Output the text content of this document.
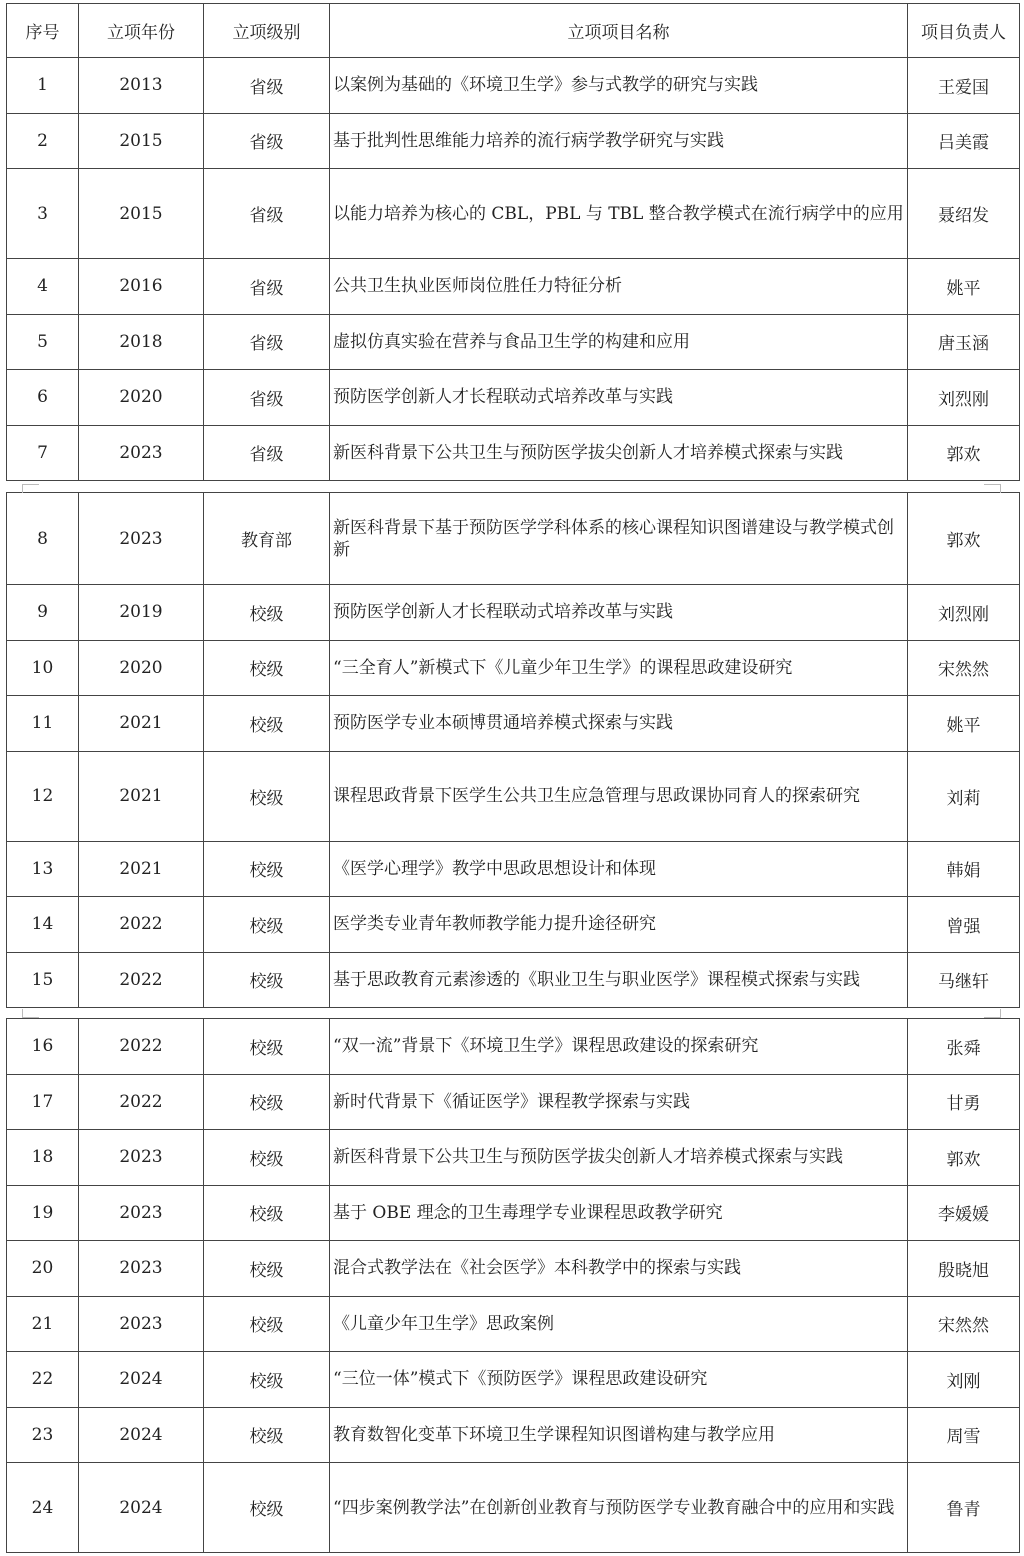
序号	立项年份	立项级别	立项项目名称	项目负责人
1	2013	省级	以案例为基础的《环境卫生学》参与式教学的研究与实践	王爱国
2	2015	省级	基于批判性思维能力培养的流行病学教学研究与实践	吕美霞
3	2015	省级	以能力培养为核心的 CBL，PBL 与 TBL 整合教学模式在流行病学中的应用	聂绍发
4	2016	省级	公共卫生执业医师岗位胜任力特征分析	姚平
5	2018	省级	虚拟仿真实验在营养与食品卫生学的构建和应用	唐玉涵
6	2020	省级	预防医学创新人才长程联动式培养改革与实践	刘烈刚
7	2023	省级	新医科背景下公共卫生与预防医学拔尖创新人才培养模式探索与实践	郭欢
8	2023	教育部	新医科背景下基于预防医学学科体系的核心课程知识图谱建设与教学模式创新	郭欢
9	2019	校级	预防医学创新人才长程联动式培养改革与实践	刘烈刚
10	2020	校级	“三全育人”新模式下《儿童少年卫生学》的课程思政建设研究	宋然然
11	2021	校级	预防医学专业本硕博贯通培养模式探索与实践	姚平
12	2021	校级	课程思政背景下医学生公共卫生应急管理与思政课协同育人的探索研究	刘莉
13	2021	校级	《医学心理学》教学中思政思想设计和体现	韩娟
14	2022	校级	医学类专业青年教师教学能力提升途径研究	曾强
15	2022	校级	基于思政教育元素渗透的《职业卫生与职业医学》课程模式探索与实践	马继轩
16	2022	校级	“双一流”背景下《环境卫生学》课程思政建设的探索研究	张舜
17	2022	校级	新时代背景下《循证医学》课程教学探索与实践	甘勇
18	2023	校级	新医科背景下公共卫生与预防医学拔尖创新人才培养模式探索与实践	郭欢
19	2023	校级	基于 OBE 理念的卫生毒理学专业课程思政教学研究	李媛媛
20	2023	校级	混合式教学法在《社会医学》本科教学中的探索与实践	殷晓旭
21	2023	校级	《儿童少年卫生学》思政案例	宋然然
22	2024	校级	“三位一体”模式下《预防医学》课程思政建设研究	刘刚
23	2024	校级	教育数智化变革下环境卫生学课程知识图谱构建与教学应用	周雪
24	2024	校级	“四步案例教学法”在创新创业教育与预防医学专业教育融合中的应用和实践	鲁青
